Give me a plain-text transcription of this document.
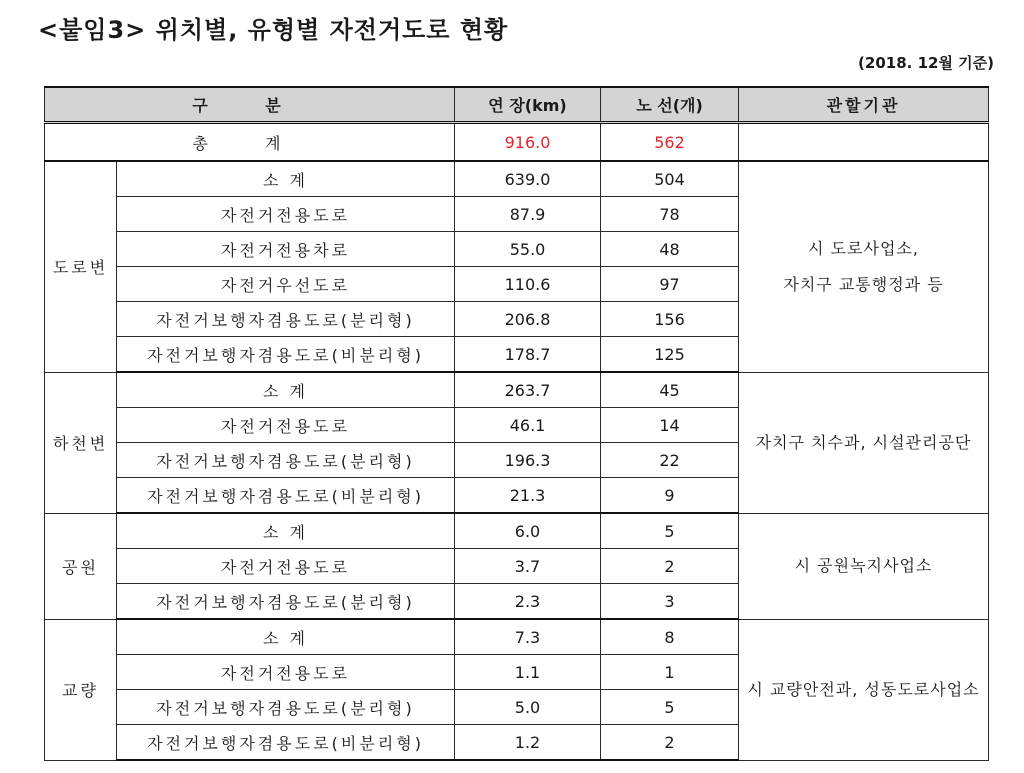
<붙임3> 위치별, 유형별 자전거도로 현황
(2018. 12월 기준)
구 분		연 장(km)	노 선(개)	관할기관
총 계		916.0	562	
도로변	소 계	639.0	504	시 도로사업소,
자치구 교통행정과 등

	자전거전용도로	87.9	78	
	자전거전용차로	55.0	48	
	자전거우선도로	110.6	97	
	자전거보행자겸용도로(분리형)	206.8	156	
	자전거보행자겸용도로(비분리형)	178.7	125	
하천변	소 계	263.7	45	자치구 치수과, 시설관리공단

	자전거전용도로	46.1	14	
	자전거보행자겸용도로(분리형)	196.3	22	
	자전거보행자겸용도로(비분리형)	21.3	9	
공원	소 계	6.0	5	시 공원녹지사업소

	자전거전용도로	3.7	2	
	자전거보행자겸용도로(분리형)	2.3	3	
교량	소 계	7.3	8	시 교량안전과, 성동도로사업소

	자전거전용도로	1.1	1	
	자전거보행자겸용도로(분리형)	5.0	5	
	자전거보행자겸용도로(비분리형)	1.2	2	
